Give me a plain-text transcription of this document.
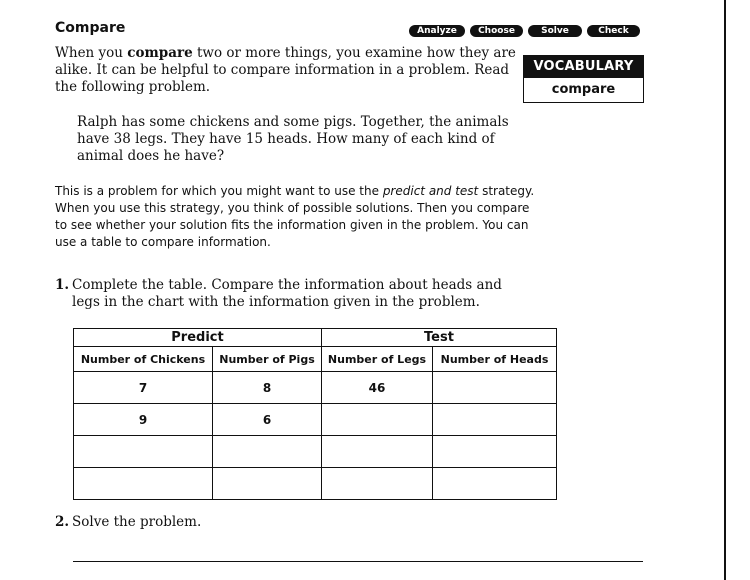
Compare	Analyze	Choose	Solve	Check

When you compare two or more things, you examine how they are alike. It can be helpful to compare information in a problem. Read the following problem.

VOCABULARY
compare

Ralph has some chickens and some pigs. Together, the animals have 38 legs. They have 15 heads. How many of each kind of animal does he have?

This is a problem for which you might want to use the predict and test strategy. When you use this strategy, you think of possible solutions. Then you compare to see whether your solution fits the information given in the problem. You can use a table to compare information.

1. Complete the table. Compare the information about heads and
legs in the chart with the information given in the problem.
Predict		Test	
Number of Chickens	Number of Pigs	Number of Legs	Number of Heads
7	8	46	
9	6		

2. Solve the problem.
